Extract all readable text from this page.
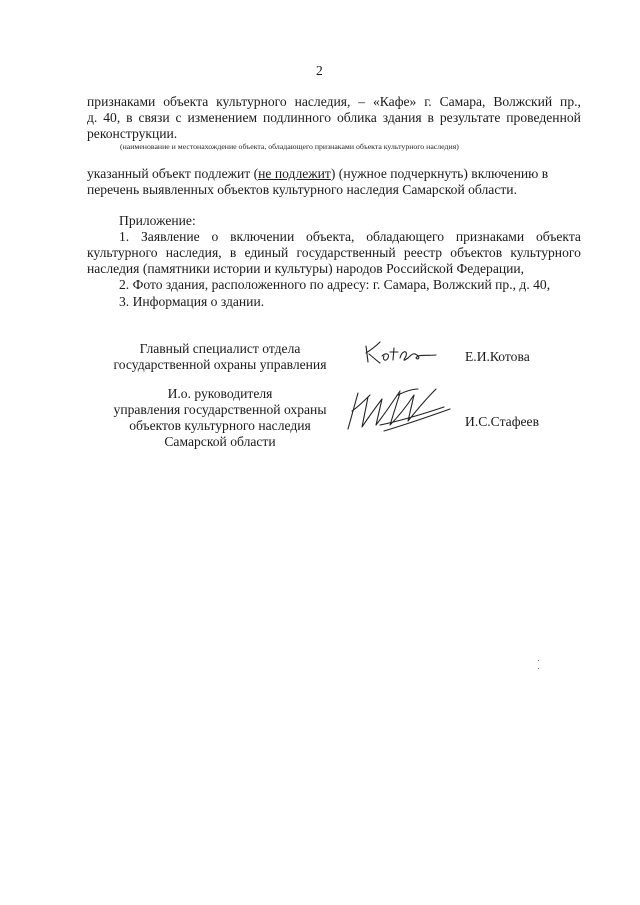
2
признаками объекта культурного наследия, – «Кафе» г. Самара, Волжский пр.,
д. 40, в связи с изменением подлинного облика здания в результате проведенной
реконструкции.
(наименование и местонахождение объекта, обладающего признаками объекта культурного наследия)
указанный объект подлежит (не подлежит) (нужное подчеркнуть) включению в
перечень выявленных объектов культурного наследия Самарской области.
Приложение:
1. Заявление о включении объекта, обладающего признаками объекта
культурного наследия, в единый государственный реестр объектов культурного
наследия (памятники истории и культуры) народов Российской Федерации,
2. Фото здания, расположенного по адресу: г. Самара, Волжский пр., д. 40,
3. Информация о здании.
Главный специалист отдела
государственной охраны управления
Е.И.Котова
И.о. руководителя
управления государственной охраны
объектов культурного наследия
Самарской области
И.С.Стафеев
